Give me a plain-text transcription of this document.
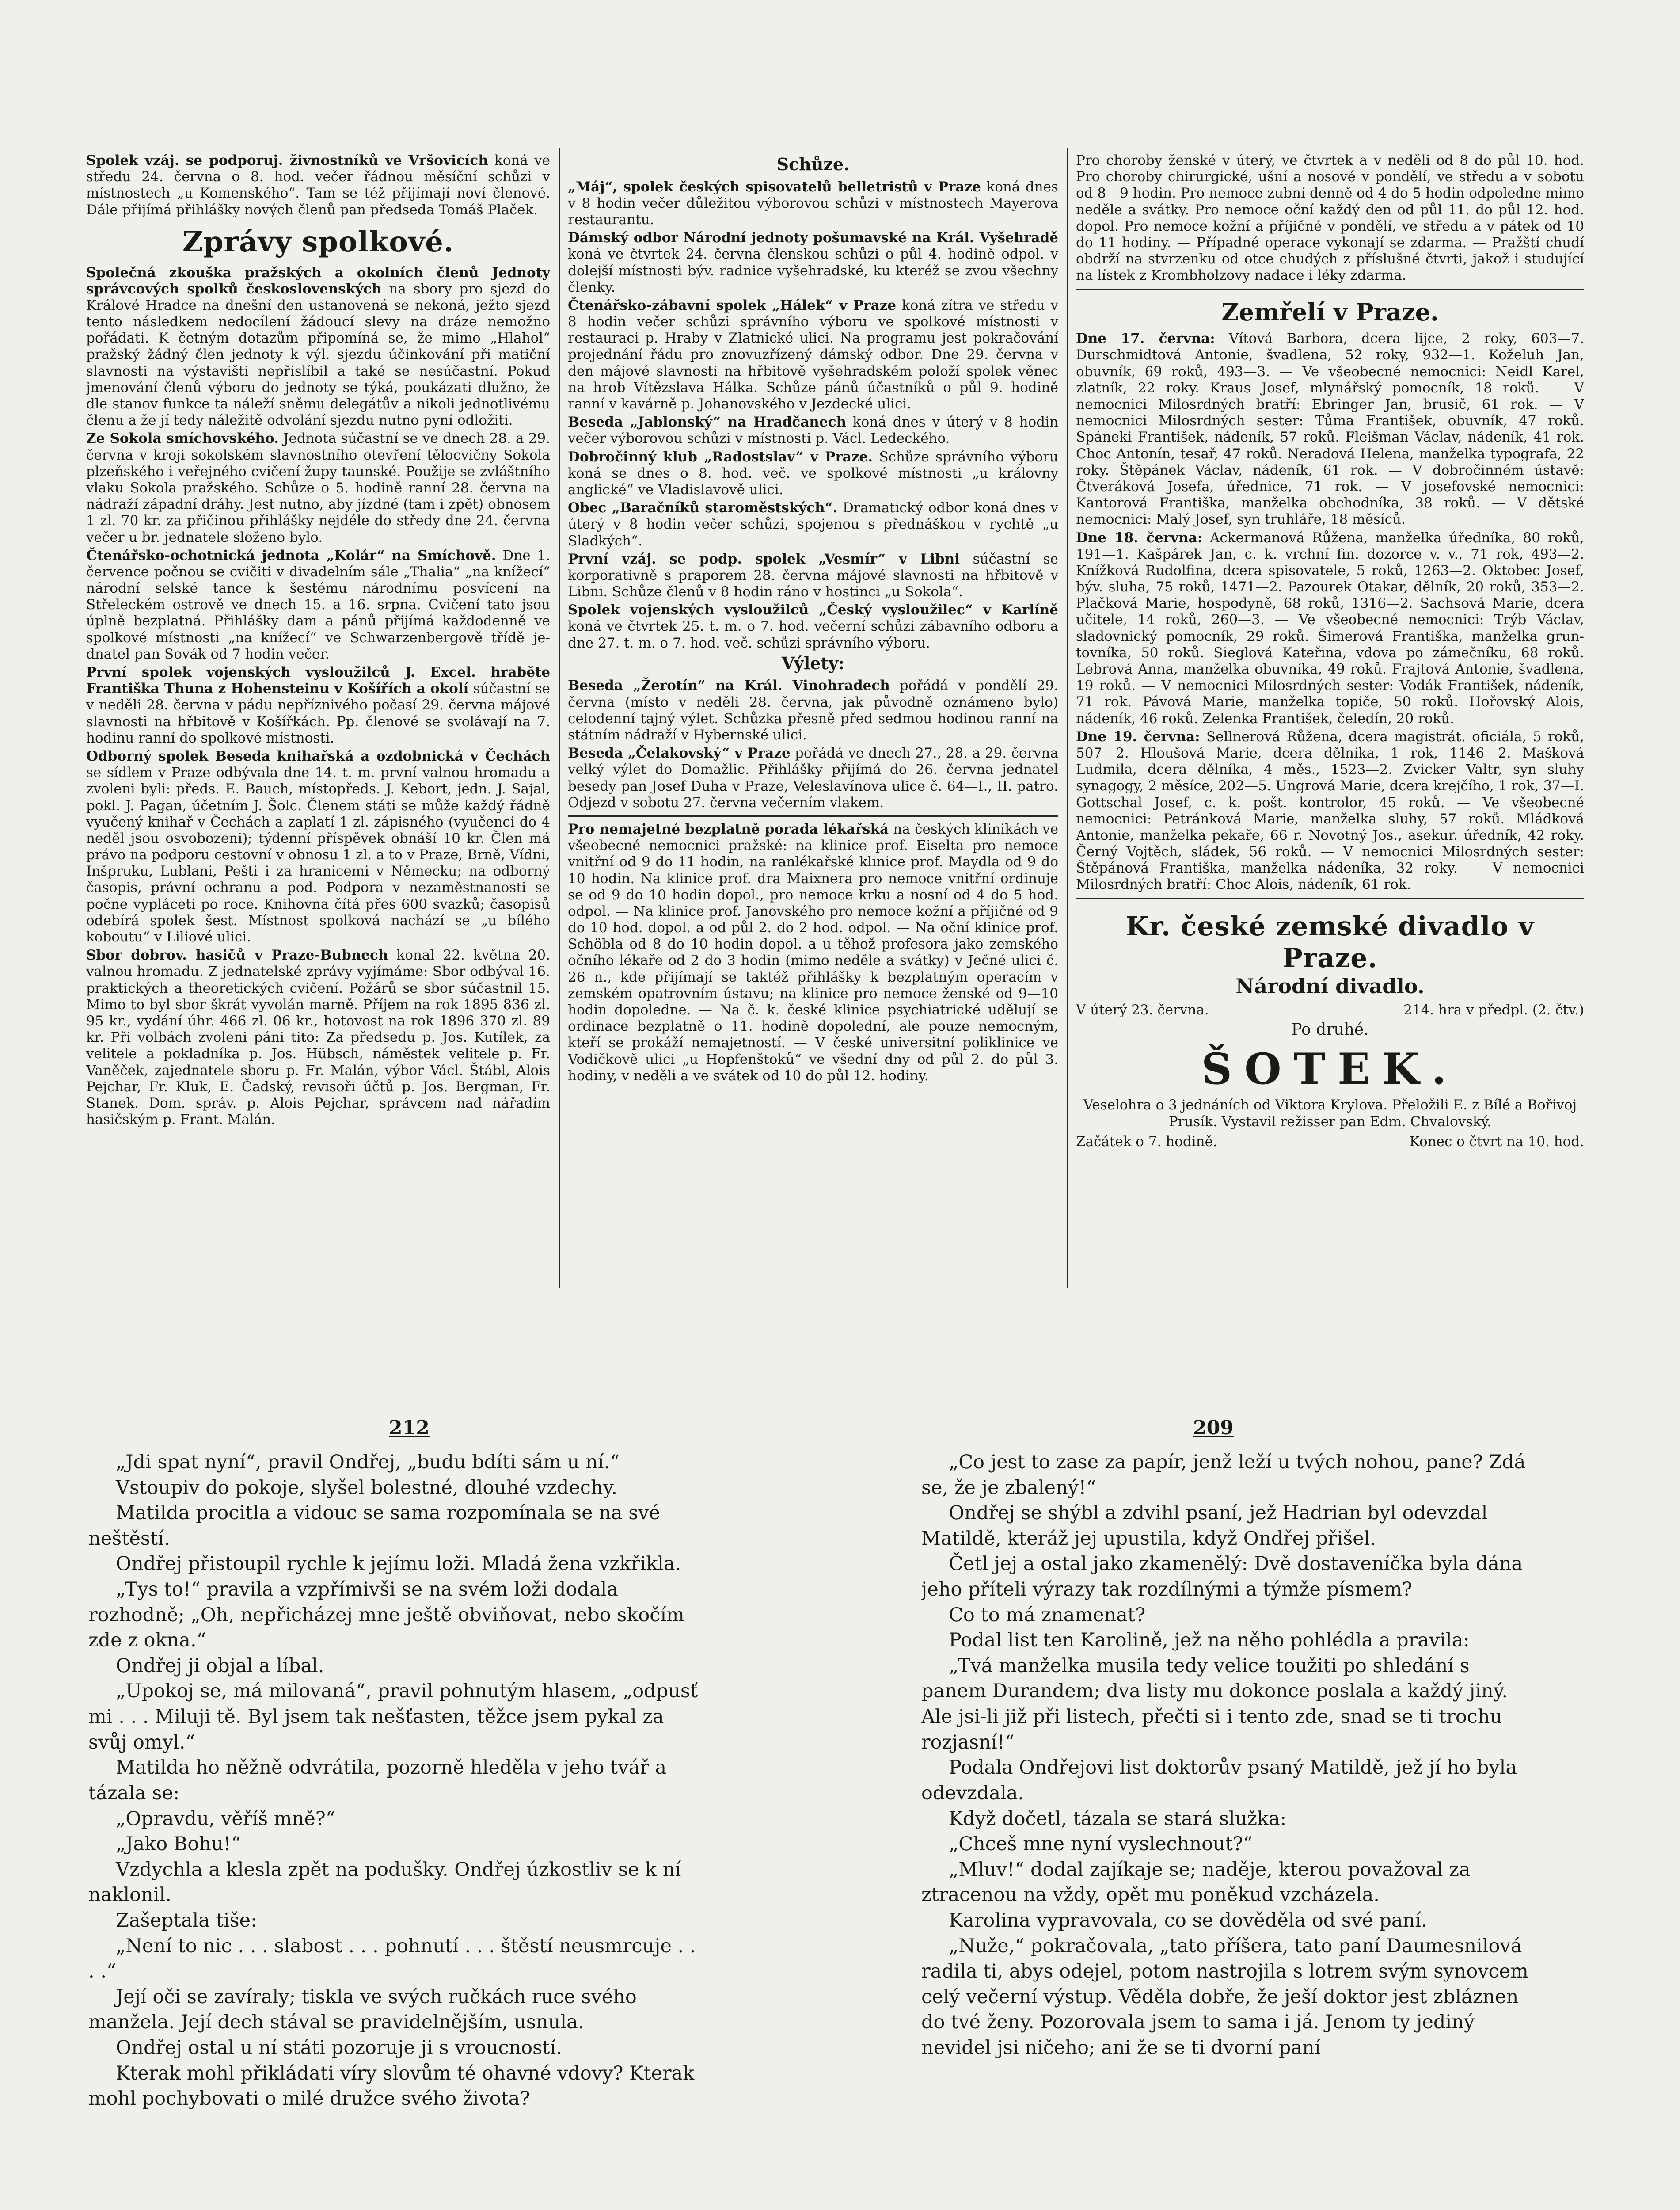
Spolek vzáj. se podporuj. živnostníků ve Vršovicích koná ve středu 24. června o 8. hod. večer řádnou měsíční schůzi v místnostech „u Komenského“. Tam se též přijímají noví členové. Dále přijímá přihlášky nových členů pan předseda Tomáš Plaček.

Zprávy spolkové.

Společná zkouška pražských a okolních členů Jednoty správcových spolků československých na sbory pro sjezd do Králové Hradce na dnešní den ustanovená se nekoná, ježto sjezd tento následkem nedocílení žádoucí slevy na dráze nemožno pořádati. K četným dotazům připomíná se, že mimo „Hlahol“ pražský žádný člen jednoty k výl. sjezdu účinkování při matiční slavnosti na výstavišti nepřislíbil a také se nesúčastní. Pokud jmenování členů výboru do jednoty se týká, poukázati dlužno, že dle stanov funkce ta náleží sněmu delegátův a nikoli jednotlivému členu a že jí tedy náležitě odvolání sjezdu nutno pyní odložiti.

Ze Sokola smíchovského. Jednota súčastní se ve dnech 28. a 29. června v kroji sokolském slavnostního otevření tělocvičny Sokola plzeňského i veřejného cvičení župy taunské. Použije se zvláštního vlaku Sokola pražského. Schůze o 5. hodině ranní 28. června na nádraží západní dráhy. Jest nutno, aby jízdné (tam i zpět) obnosem 1 zl. 70 kr. za přičinou přihlášky nejdéle do středy dne 24. června večer u br. jednatele složeno bylo.

Čtenářsko-ochotnická jednota „Kolár“ na Smíchově. Dne 1. července počnou se cvičiti v divadelním sále „Thalia“ „na knížecí“ národní selské tance k šestému národnímu posvícení na Střeleckém ostrově ve dnech 15. a 16. srpna. Cvičení tato jsou úplně bezplatná. Přihlášky dam a pánů přijímá každodenně ve spolkové místnosti „na knížecí“ ve Schwarzenbergově třídě jednatel pan Sovák od 7 hodin večer.

První spolek vojenských vysloužilců J. Excel. hraběte Františka Thuna z Hohensteinu v Košířích a okolí súčastní se v neděli 28. června v pádu nepříznivého počasí 29. června májové slavnosti na hřbitově v Košířkách. Pp. členové se svolávají na 7. hodinu ranní do spolkové místnosti.

Odborný spolek Beseda knihařská a ozdobnická v Čechách se sídlem v Praze odbývala dne 14. t. m. první valnou hromadu a zvoleni byli: předs. E. Bauch, místopředs. J. Kebort, jedn. J. Sajal, pokl. J. Pagan, účetním J. Šolc. Členem státi se může každý řádně vyučený knihař v Čechách a zaplatí 1 zl. zápisného (vyučenci do 4 neděl jsou osvobozeni); týdenní příspěvek obnáší 10 kr. Člen má právo na podporu cestovní v obnosu 1 zl. a to v Praze, Brně, Vídni, Inšpruku, Lublani, Pešti i za hranicemi v Německu; na odborný časopis, právní ochranu a pod. Podpora v nezaměstnanosti se počne vypláceti po roce. Knihovna čítá přes 600 svazků; časopisů odebírá spolek šest. Místnost spolková nachází se „u bílého koboutu“ v Liliové ulici.

Sbor dobrov. hasičů v Praze-Bubnech konal 22. května 20. valnou hromadu. Z jednatelské zprávy vyjímáme: Sbor odbýval 16. praktických a theoretických cvičení. Požárů se sbor súčastnil 15. Mimo to byl sbor škrát vyvolán marně. Příjem na rok 1895 836 zl. 95 kr., vydání úhr. 466 zl. 06 kr., hotovost na rok 1896 370 zl. 89 kr. Při volbách zvoleni páni tito: Za předsedu p. Jos. Kutílek, za velitele a pokladníka p. Jos. Hübsch, náměstek velitele p. Fr. Vaněček, zajednatele sboru p. Fr. Malán, výbor Václ. Štábl, Alois Pejchar, Fr. Kluk, E. Čadský, revisoři účtů p. Jos. Bergman, Fr. Stanek. Dom. správ. p. Alois Pejchar, správcem nad nářadím hasičským p. Frant. Malán.

Schůze.

„Máj“, spolek českých spisovatelů belletristů v Praze koná dnes v 8 hodin večer důležitou výborovou schůzi v místnostech Mayerova restaurantu.

Dámský odbor Národní jednoty pošumavské na Král. Vyšehradě koná ve čtvrtek 24. června členskou schůzi o půl 4. hodině odpol. v dolejší místnosti býv. radnice vyšehradské, ku kteréž se zvou všechny členky.

Čtenářsko-zábavní spolek „Hálek“ v Praze koná zítra ve středu v 8 hodin večer schůzi správního výboru ve spolkové místnosti v restauraci p. Hraby v Zlatnické ulici. Na programu jest pokračování projednání řádu pro znovuzřízený dámský odbor. Dne 29. června v den májové slavnosti na hřbitově vyšehradském položí spolek věnec na hrob Vítězslava Hálka. Schůze pánů účastníků o půl 9. hodině ranní v kavárně p. Johanovského v Jezdecké ulici.

Beseda „Jablonský“ na Hradčanech koná dnes v úterý v 8 hodin večer výborovou schůzi v místnosti p. Václ. Ledeckého.

Dobročinný klub „Radostslav“ v Praze. Schůze správního výboru koná se dnes o 8. hod. več. ve spolkové místnosti „u královny anglické“ ve Vladislavově ulici.

Obec „Baračníků staroměstských“. Dramatický odbor koná dnes v úterý v 8 hodin večer schůzi, spojenou s přednáškou v rychtě „u Sladkých“.

První vzáj. se podp. spolek „Vesmír“ v Libni súčastní se korporativně s praporem 28. června májové slavnosti na hřbitově v Libni. Schůze členů v 8 hodin ráno v hostinci „u Sokola“.

Spolek vojenských vysloužilců „Český vysloužilec“ v Karlíně koná ve čtvrtek 25. t. m. o 7. hod. večerní schůzi zábavního odboru a dne 27. t. m. o 7. hod. več. schůzi správního výboru.

Výlety:

Beseda „Žerotín“ na Král. Vinohradech pořádá v pondělí 29. června (místo v neděli 28. června, jak původně oznámeno bylo) celodenní tajný výlet. Schůzka přesně před sedmou hodinou ranní na státním nádraží v Hybernské ulici.

Beseda „Čelakovský“ v Praze pořádá ve dnech 27., 28. a 29. června velký výlet do Domažlic. Přihlášky přijímá do 26. června jednatel besedy pan Josef Duha v Praze, Veleslavínova ulice č. 64—I., II. patro. Odjezd v sobotu 27. června večerním vlakem.

Pro nemajetné bezplatně porada lékařská na českých klinikách ve všeobecné nemocnici pražské: na klinice prof. Eiselta pro nemoce vnitřní od 9 do 11 hodin, na ranlékařské klinice prof. Maydla od 9 do 10 hodin. Na klinice prof. dra Maixnera pro nemoce vnitřní ordinuje se od 9 do 10 hodin dopol., pro nemoce krku a nosní od 4 do 5 hod. odpol. — Na klinice prof. Janovského pro nemoce kožní a příjičné od 9 do 10 hod. dopol. a od půl 2. do 2 hod. odpol. — Na oční klinice prof. Schöbla od 8 do 10 hodin dopol. a u těhož profesora jako zemského očního lékaře od 2 do 3 hodin (mimo neděle a svátky) v Ječné ulici č. 26 n., kde přijímají se taktéž přihlášky k bezplatným operacím v zemském opatrovním ústavu; na klinice pro nemoce ženské od 9—10 hodin dopoledne. — Na č. k. české klinice psychiatrické udělují se ordinace bezplatně o 11. hodině dopolední, ale pouze nemocným, kteří se prokáží nemajetností. — V české universitní poliklinice ve Vodičkově ulici „u Hopfenštoků“ ve všední dny od půl 2. do půl 3. hodiny, v neděli a ve svátek od 10 do půl 12. hodiny.

Pro choroby ženské v úterý, ve čtvrtek a v neděli od 8 do půl 10. hod. Pro choroby chirurgické, ušní a nosové v pondělí, ve středu a v sobotu od 8—9 hodin. Pro nemoce zubní denně od 4 do 5 hodin odpoledne mimo neděle a svátky. Pro nemoce oční každý den od půl 11. do půl 12. hod. dopol. Pro nemoce kožní a příjičné v pondělí, ve středu a v pátek od 10 do 11 hodiny. — Případné operace vykonají se zdarma. — Pražští chudí obdrží na stvrzenku od otce chudých z příslušné čtvrti, jakož i studující na lístek z Krombholzovy nadace i léky zdarma.

Zemřelí v Praze.

Dne 17. června: Vítová Barbora, dcera lijce, 2 roky, 603—7. Durschmidtová Antonie, švadlena, 52 roky, 932—1. Koželuh Jan, obuvník, 69 roků, 493—3. — Ve všeobecné nemocnici: Neidl Karel, zlatník, 22 roky. Kraus Josef, mlynářský pomocník, 18 roků. — V nemocnici Milosrdných bratří: Ebringer Jan, brusič, 61 rok. — V nemocnici Milosrdných sester: Tůma František, obuvník, 47 roků. Spáneki František, nádeník, 57 roků. Fleišman Václav, nádeník, 41 rok. Choc Antonín, tesař, 47 roků. Neradová Helena, manželka typografa, 22 roky. Štěpánek Václav, nádeník, 61 rok. — V dobročinném ústavě: Čtveráková Josefa, úřednice, 71 rok. — V josefovské nemocnici: Kantorová Františka, manželka obchodníka, 38 roků. — V dětské nemocnici: Malý Josef, syn truhláře, 18 měsíců.

Dne 18. června: Ackermanová Růžena, manželka úředníka, 80 roků, 191—1. Kašpárek Jan, c. k. vrchní fin. dozorce v. v., 71 rok, 493—2. Knížková Rudolfina, dcera spisovatele, 5 roků, 1263—2. Oktobec Josef, býv. sluha, 75 roků, 1471—2. Pazourek Otakar, dělník, 20 roků, 353—2. Plačková Marie, hospodyně, 68 roků, 1316—2. Sachsová Marie, dcera učitele, 14 roků, 260—3. — Ve všeobecné nemocnici: Trýb Václav, sladovnický pomocník, 29 roků. Šimerová Františka, manželka gruntovníka, 50 roků. Sieglová Kateřina, vdova po zámečníku, 68 roků. Lebrová Anna, manželka obuvníka, 49 roků. Frajtová Antonie, švadlena, 19 roků. — V nemocnici Milosrdných sester: Vodák František, nádeník, 71 rok. Pávová Marie, manželka topiče, 50 roků. Hořovský Alois, nádeník, 46 roků. Zelenka František, čeledín, 20 roků.

Dne 19. června: Sellnerová Růžena, dcera magistrát. oficiála, 5 roků, 507—2. Hloušová Marie, dcera dělníka, 1 rok, 1146—2. Mašková Ludmila, dcera dělníka, 4 měs., 1523—2. Zvicker Valtr, syn sluhy synagogy, 2 měsíce, 202—5. Ungrová Marie, dcera krejčího, 1 rok, 37—I. Gottschal Josef, c. k. pošt. kontrolor, 45 roků. — Ve všeobecné nemocnici: Petránková Marie, manželka sluhy, 57 roků. Mládková Antonie, manželka pekaře, 66 r. Novotný Jos., asekur. úředník, 42 roky. Černý Vojtěch, sládek, 56 roků. — V nemocnici Milosrdných sester: Štěpánová Františka, manželka nádeníka, 32 roky. — V nemocnici Milosrdných bratří: Choc Alois, nádeník, 61 rok.

Kr. české zemské divadlo v Praze.
Národní divadlo.
V úterý 23. června.	214. hra v předpl. (2. čtv.)
Po druhé.
ŠOTEK.
Veselohra o 3 jednáních od Viktora Krylova. Přeložili E. z Bílé a Bořivoj Prusík. Vystavil režisser pan Edm. Chvalovský.
Začátek o 7. hodině.	Konec o čtvrt na 10. hod.
212	209

„Jdi spat nyní“, pravil Ondřej, „budu bdíti sám u ní.“

Vstoupiv do pokoje, slyšel bolestné, dlouhé vzdechy.

Matilda procitla a vidouc se sama rozpomínala se na své neštěstí.

Ondřej přistoupil rychle k jejímu loži. Mladá žena vzkřikla.

„Tys to!“ pravila a vzpřímivši se na svém loži dodala rozhodně; „Oh, nepřicházej mne ještě obviňovat, nebo skočím zde z okna.“

Ondřej ji objal a líbal.

„Upokoj se, má milovaná“, pravil pohnutým hlasem, „odpusť mi . . . Miluji tě. Byl jsem tak nešťasten, těžce jsem pykal za svůj omyl.“

Matilda ho něžně odvrátila, pozorně hleděla v jeho tvář a tázala se:

„Opravdu, věříš mně?“

„Jako Bohu!“

Vzdychla a klesla zpět na podušky. Ondřej úzkostliv se k ní naklonil.

Zašeptala tiše:

„Není to nic . . . slabost . . . pohnutí . . . štěstí neusmrcuje . . . .“

Její oči se zavíraly; tiskla ve svých ručkách ruce svého manžela. Její dech stával se pravidelnějším, usnula.

Ondřej ostal u ní státi pozoruje ji s vroucností.

Kterak mohl přikládati víry slovům té ohavné vdovy? Kterak mohl pochybovati o milé družce svého života?

„Co jest to zase za papír, jenž leží u tvých nohou, pane? Zdá se, že je zbalený!“

Ondřej se shýbl a zdvihl psaní, jež Hadrian byl odevzdal Matildě, kteráž jej upustila, když Ondřej přišel.

Četl jej a ostal jako zkamenělý: Dvě dostaveníčka byla dána jeho příteli výrazy tak rozdílnými a týmže písmem?

Co to má znamenat?

Podal list ten Karolině, jež na něho pohlédla a pravila:

„Tvá manželka musila tedy velice toužiti po shledání s panem Durandem; dva listy mu dokonce poslala a každý jiný. Ale jsi-li již při listech, přečti si i tento zde, snad se ti trochu rozjasní!“

Podala Ondřejovi list doktorův psaný Matildě, jež jí ho byla odevzdala.

Když dočetl, tázala se stará služka:

„Chceš mne nyní vyslechnout?“

„Mluv!“ dodal zajíkaje se; naděje, kterou považoval za ztracenou na vždy, opět mu poněkud vzcházela.

Karolina vypravovala, co se dověděla od své paní.

„Nuže,“ pokračovala, „tato příšera, tato paní Daumesnilová radila ti, abys odejel, potom nastrojila s lotrem svým synovcem celý večerní výstup. Věděla dobře, že ješí doktor jest zbláznen do tvé ženy. Pozorovala jsem to sama i já. Jenom ty jediný nevidel jsi ničeho; ani že se ti dvorní paní
